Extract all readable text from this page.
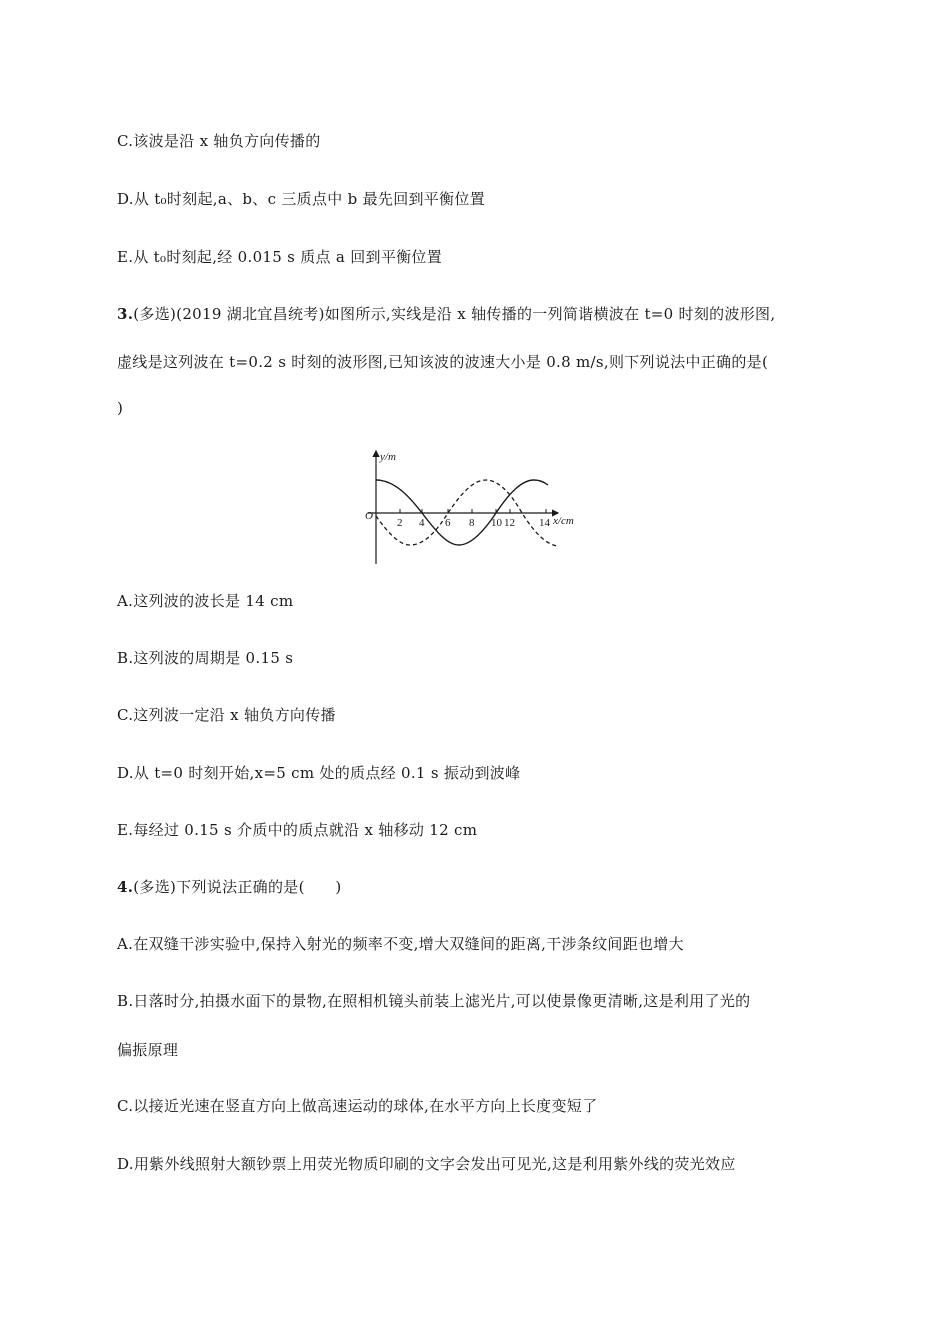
C.该波是沿 x 轴负方向传播的
D.从 t₀时刻起,a、b、c 三质点中 b 最先回到平衡位置
E.从 t₀时刻起,经 0.015 s 质点 a 回到平衡位置
3.(多选)(2019 湖北宜昌统考)如图所示,实线是沿 x 轴传播的一列简谐横波在 t=0 时刻的波形图,
虚线是这列波在 t=0.2 s 时刻的波形图,已知该波的波速大小是 0.8 m/s,则下列说法中正确的是(
)
y/m
O
2 4 6 8 10 12 14 x/cm
A.这列波的波长是 14 cm
B.这列波的周期是 0.15 s
C.这列波一定沿 x 轴负方向传播
D.从 t=0 时刻开始,x=5 cm 处的质点经 0.1 s 振动到波峰
E.每经过 0.15 s 介质中的质点就沿 x 轴移动 12 cm
4.(多选)下列说法正确的是(　　)
A.在双缝干涉实验中,保持入射光的频率不变,增大双缝间的距离,干涉条纹间距也增大
B.日落时分,拍摄水面下的景物,在照相机镜头前装上滤光片,可以使景像更清晰,这是利用了光的
偏振原理
C.以接近光速在竖直方向上做高速运动的球体,在水平方向上长度变短了
D.用紫外线照射大额钞票上用荧光物质印刷的文字会发出可见光,这是利用紫外线的荧光效应
